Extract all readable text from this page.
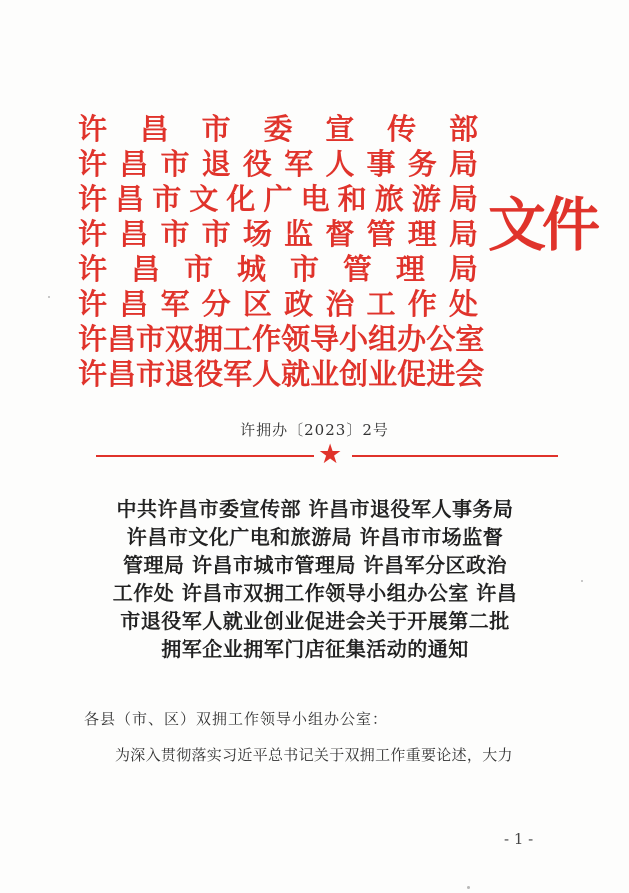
许 昌 市 委 宣 传 部
许 昌 市 退 役 军 人 事 务 局
许 昌 市 文 化 广 电 和 旅 游 局
许 昌 市 市 场 监 督 管 理 局
许 昌 市 城 市 管 理 局
许 昌 军 分 区 政 治 工 作 处
许 昌 市 双 拥 工 作 领 导 小 组 办 公 室
许 昌 市 退 役 军 人 就 业 创 业 促 进 会
文件
许拥办〔2023〕2号
★
中共许昌市委宣传部 许昌市退役军人事务局
许昌市文化广电和旅游局 许昌市市场监督
管理局 许昌市城市管理局 许昌军分区政治
工作处 许昌市双拥工作领导小组办公室 许昌
市退役军人就业创业促进会关于开展第二批
拥军企业拥军门店征集活动的通知
各县（市、区）双拥工作领导小组办公室：
为深入贯彻落实习近平总书记关于双拥工作重要论述，大力
- 1 -
